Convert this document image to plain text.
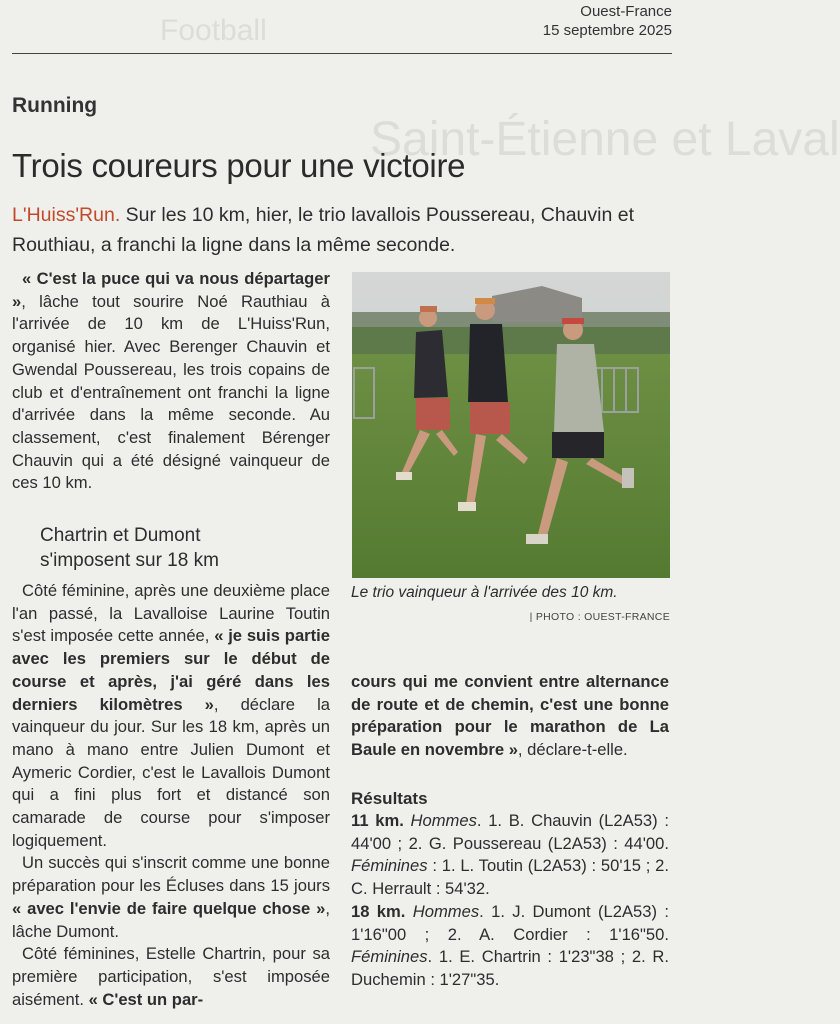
Football
Saint-Étienne et Laval
Ouest-France
15 septembre 2025
Running
Trois coureurs pour une victoire
L'Huiss'Run. Sur les 10 km, hier, le trio lavallois Poussereau, Chauvin et Routhiau, a franchi la ligne dans la même seconde.

« C'est la puce qui va nous départager », lâche tout sourire Noé Rauthiau à l'arrivée de 10 km de L'Huiss'Run, organisé hier. Avec Berenger Chauvin et Gwendal Poussereau, les trois copains de club et d'entraînement ont franchi la ligne d'arrivée dans la même seconde. Au classement, c'est finalement Bérenger Chauvin qui a été désigné vainqueur de ces 10 km.

Chartrin et Dumont s'imposent sur 18 km

Côté féminine, après une deuxième place l'an passé, la Lavalloise Laurine Toutin s'est imposée cette année, « je suis partie avec les premiers sur le début de course et après, j'ai géré dans les derniers kilomètres », déclare la vainqueur du jour. Sur les 18 km, après un mano à mano entre Julien Dumont et Aymeric Cordier, c'est le Lavallois Dumont qui a fini plus fort et distancé son camarade de course pour s'imposer logiquement.

Un succès qui s'inscrit comme une bonne préparation pour les Écluses dans 15 jours « avec l'envie de faire quelque chose », lâche Dumont.

Côté féminines, Estelle Chartrin, pour sa première participation, s'est imposée aisément. « C'est un par-

Le trio vainqueur à l'arrivée des 10 km.
| PHOTO : OUEST-FRANCE

cours qui me convient entre alternance de route et de chemin, c'est une bonne préparation pour le marathon de La Baule en novembre », déclare-t-elle.

Résultats

11 km. Hommes. 1. B. Chauvin (L2A53) : 44'00 ; 2. G. Poussereau (L2A53) : 44'00. Féminines : 1. L. Toutin (L2A53) : 50'15 ; 2. C. Herrault : 54'32.

18 km. Hommes. 1. J. Dumont (L2A53) : 1'16"00 ; 2. A. Cordier : 1'16"50. Féminines. 1. E. Chartrin : 1'23"38 ; 2. R. Duchemin : 1'27"35.
